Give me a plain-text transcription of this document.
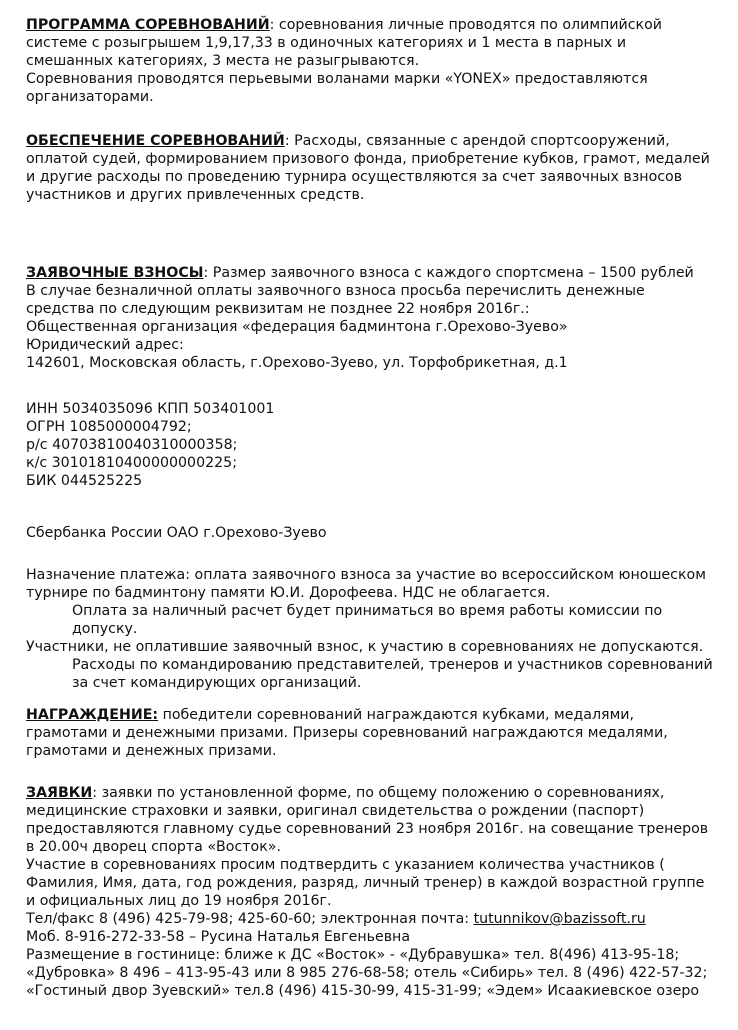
ПРОГРАММА СОРЕВНОВАНИЙ: соревнования личные проводятся по олимпийской системе с розыгрышем 1,9,17,33 в одиночных категориях и 1 места в парных и смешанных категориях, 3 места не разыгрываются.

Соревнования проводятся перьевыми воланами марки «YONEX» предоставляются организаторами.

ОБЕСПЕЧЕНИЕ СОРЕВНОВАНИЙ: Расходы, связанные с арендой спортсооружений, оплатой судей, формированием призового фонда, приобретение кубков, грамот, медалей и другие расходы по проведению турнира осуществляются за счет заявочных взносов участников и других привлеченных средств.

ЗАЯВОЧНЫЕ ВЗНОСЫ: Размер заявочного взноса с каждого спортсмена – 1500 рублей

В случае безналичной оплаты заявочного взноса просьба перечислить денежные средства по следующим реквизитам не позднее 22 ноября 2016г.:

Общественная организация «федерация бадминтона г.Орехово-Зуево»

Юридический адрес:

142601, Московская область, г.Орехово-Зуево, ул. Торфобрикетная, д.1

ИНН 5034035096 КПП 503401001

ОГРН 1085000004792;

р/с 40703810040310000358;

к/с 30101810400000000225;

БИК 044525225

Сбербанка России ОАО г.Орехово-Зуево

Назначение платежа: оплата заявочного взноса за участие во всероссийском юношеском турнире по бадминтону памяти Ю.И. Дорофеева. НДС не облагается.

Оплата за наличный расчет будет приниматься во время работы комиссии по допуску.

Участники, не оплатившие заявочный взнос, к участию в соревнованиях не допускаются.

Расходы по командированию представителей, тренеров и участников соревнований за счет командирующих организаций.

НАГРАЖДЕНИЕ: победители соревнований награждаются кубками, медалями, грамотами и денежными призами. Призеры соревнований награждаются медалями, грамотами и денежных призами.

ЗАЯВКИ: заявки по установленной форме, по общему положению о соревнованиях, медицинские страховки и заявки, оригинал свидетельства о рождении (паспорт) предоставляются главному судье соревнований 23 ноября 2016г. на совещание тренеров в 20.00ч дворец спорта «Восток».

Участие в соревнованиях просим подтвердить с указанием количества участников ( Фамилия, Имя, дата, год рождения, разряд, личный тренер) в каждой возрастной группе и официальных лиц до 19 ноября 2016г.

Тел/факс 8 (496) 425-79-98; 425-60-60; электронная почта: tutunnikov@bazissoft.ru

Моб. 8-916-272-33-58 – Русина Наталья Евгеньевна

Размещение в гостинице: ближе к ДС «Восток» - «Дубравушка» тел. 8(496) 413-95-18;

«Дубровка» 8 496 – 413-95-43 или 8 985 276-68-58; отель «Сибирь» тел. 8 (496) 422-57-32;

«Гостиный двор Зуевский» тел.8 (496) 415-30-99, 415-31-99; «Эдем» Исаакиевское озеро
